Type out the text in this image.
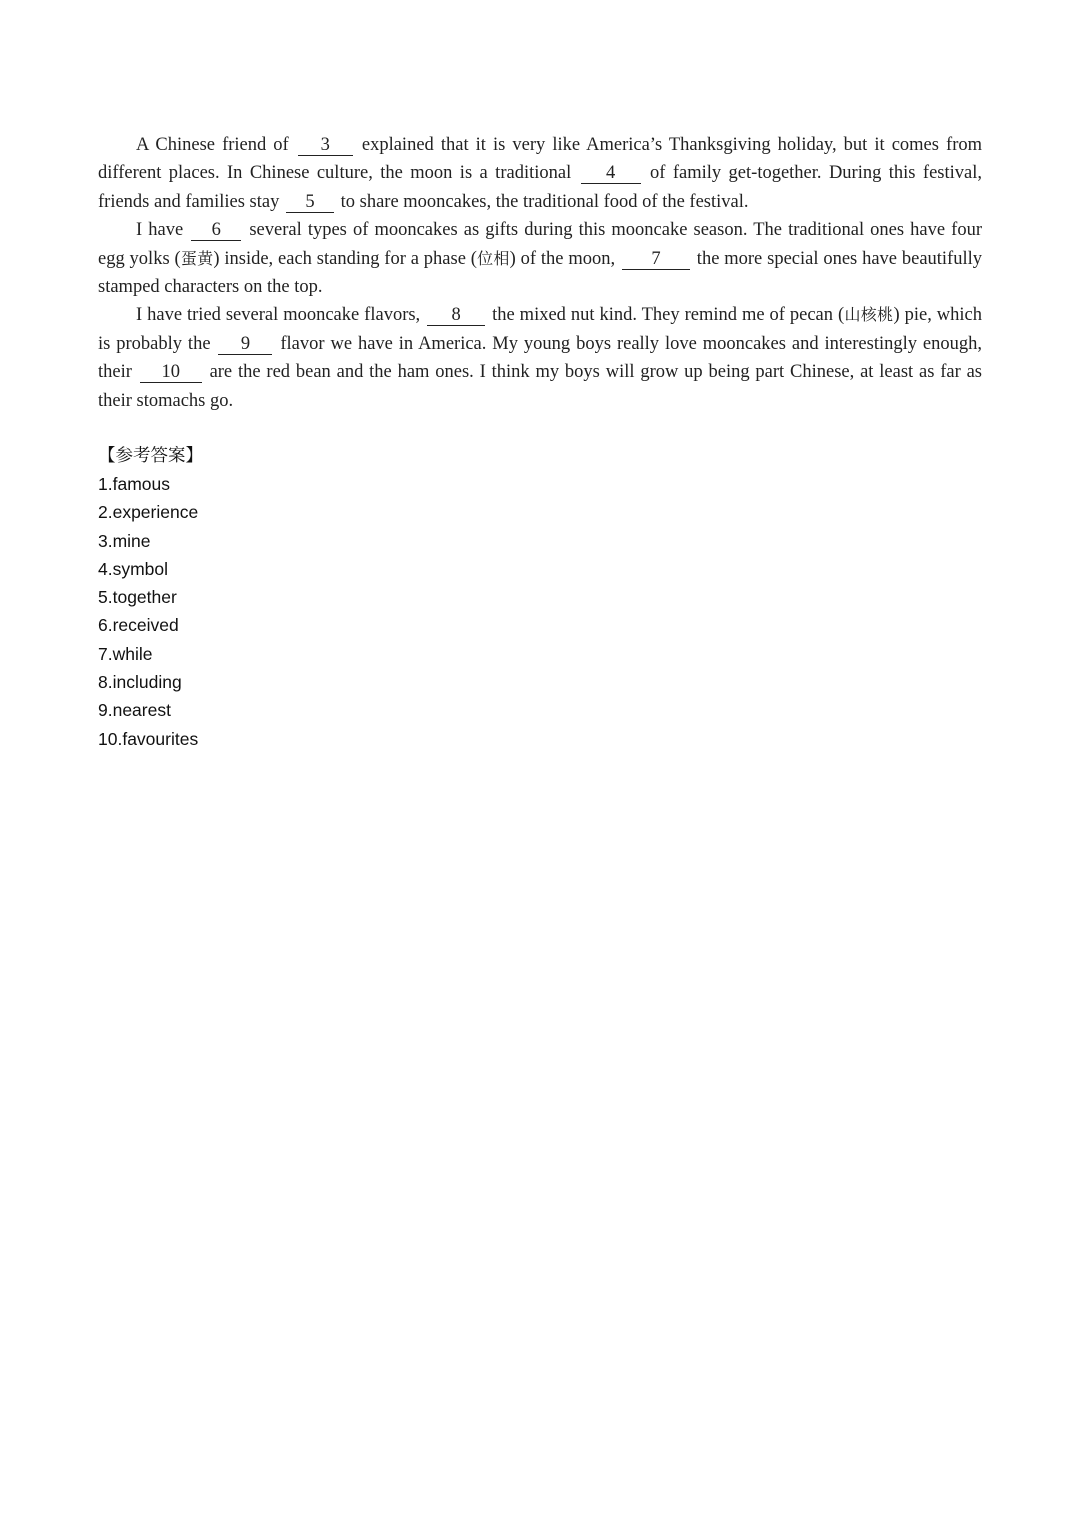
A Chinese friend of 3 explained that it is very like America’s Thanksgiving holiday, but it comes from different places. In Chinese culture, the moon is a traditional 4 of family get-together. During this festival, friends and families stay 5 to share mooncakes, the traditional food of the festival.

I have 6 several types of mooncakes as gifts during this mooncake season. The traditional ones have four egg yolks (蛋黄) inside, each standing for a phase (位相) of the moon, 7 the more special ones have beautifully stamped characters on the top.

I have tried several mooncake flavors, 8 the mixed nut kind. They remind me of pecan (山核桃) pie, which is probably the 9 flavor we have in America. My young boys really love mooncakes and interestingly enough, their 10 are the red bean and the ham ones. I think my boys will grow up being part Chinese, at least as far as their stomachs go.

【参考答案】

1.famous
2.experience
3.mine
4.symbol
5.together
6.received
7.while
8.including
9.nearest
10.favourites
